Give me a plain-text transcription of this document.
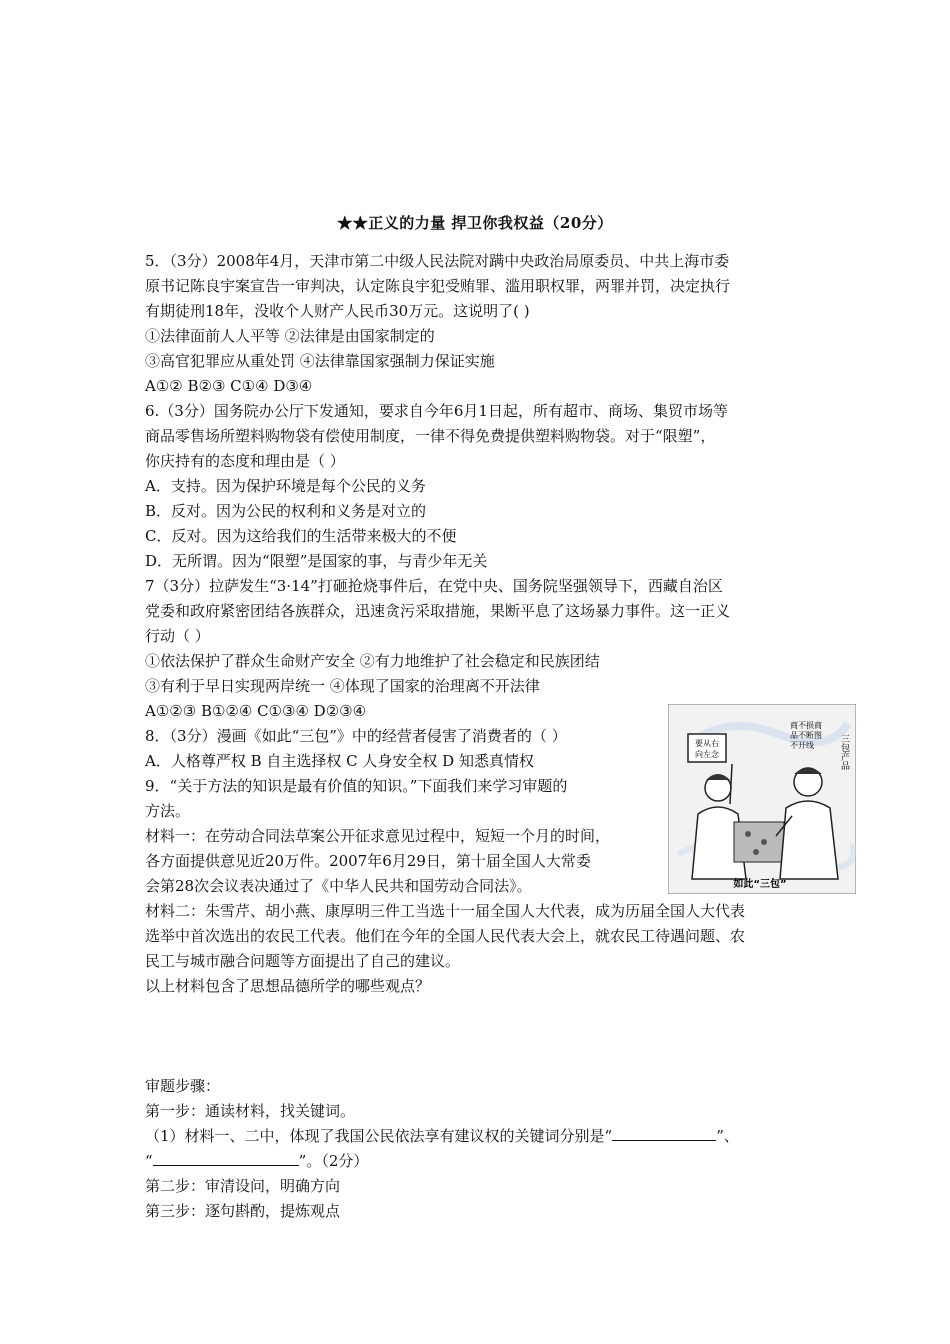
★★正义的力量 捍卫你我权益（20分）
5．（3分）2008年4月，天津市第二中级人民法院对蹒中央政治局原委员、中共上海市委
原书记陈良宇案宣告一审判决，认定陈良宇犯受贿罪、滥用职权罪，两罪并罚，决定执行
有期徒刑18年，没收个人财产人民币30万元。这说明了( )
①法律面前人人平等 ②法律是由国家制定的
③高官犯罪应从重处罚 ④法律靠国家强制力保证实施
A①② B②③ C①④ D③④
6.（3分）国务院办公厅下发通知，要求自今年6月1日起，所有超市、商场、集贸市场等
商品零售场所塑料购物袋有偿使用制度，一律不得免费提供塑料购物袋。对于“限塑”，
你庆持有的态度和理由是（ ）
A．支持。因为保护环境是每个公民的义务
B．反对。因为公民的权利和义务是对立的
C．反对。因为这给我们的生活带来极大的不便
D．无所谓。因为“限塑”是国家的事，与青少年无关
7（3分）拉萨发生“3·14”打砸抢烧事件后，在党中央、国务院坚强领导下，西藏自治区
党委和政府紧密团结各族群众，迅速贪污采取措施，果断平息了这场暴力事件。这一正义
行动（ ）
①依法保护了群众生命财产安全 ②有力地维护了社会稳定和民族团结
③有利于早日实现两岸统一 ④体现了国家的治理离不开法律
A①②③ B①②④ C①③④ D②③④
8．（3分）漫画《如此“三包”》中的经营者侵害了消费者的（ ）
A．人格尊严权 B 自主选择权 C 人身安全权 D 知悉真情权
9．“关于方法的知识是最有价值的知识。”下面我们来学习审题的
方法。
材料一：在劳动合同法草案公开征求意见过程中，短短一个月的时间，
各方面提供意见近20万件。2007年6月29日，第十届全国人大常委
会第28次会议表决通过了《中华人民共和国劳动合同法》。
材料二：朱雪芹、胡小燕、康厚明三件工当选十一届全国人大代表，成为历届全国人大代表
选举中首次选出的农民工代表。他们在今年的全国人民代表大会上，就农民工待遇问题、农
民工与城市融合问题等方面提出了自己的建议。
以上材料包含了思想品德所学的哪些观点？
审题步骤：
第一步：通读材料，找关键词。
（1）材料一、二中，体现了我国公民依法享有建议权的关键词分别是“	”、
“	”。（2分）
第二步：审清设问，明确方向
第三步：逐句斟酌，提炼观点
要从右
向左念
商不损商
品不断图
不开线	三包产品
如此“三包”
